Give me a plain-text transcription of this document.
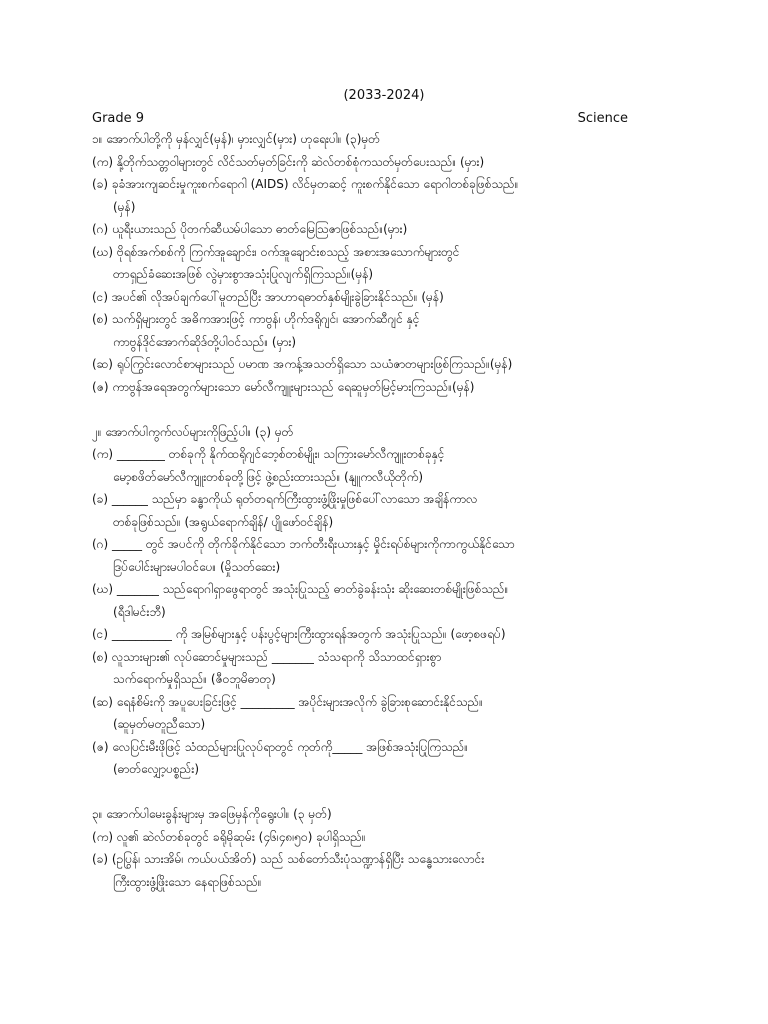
(2033-2024)
Grade 9	Science
၁။ အောက်ပါတို့ကို မှန်လျှင်(မှန်)၊ မှားလျှင်(မှား) ဟုရေးပါ။ (၃)မှတ်
(က) နို့တိုက်သတ္တဝါများတွင် လိင်သတ်မှတ်ခြင်းကို ဆဲလ်တစ်စုံကသတ်မှတ်ပေးသည်။ (မှား)
(ခ) ခုခံအားကျဆင်းမှုကူးစက်ရောဂါ (AIDS) လိင်မှတဆင့် ကူးစက်နိုင်သော ရောဂါတစ်ခုဖြစ်သည်။
(မှန်)
(ဂ) ယူရီးယားသည် ပိုတက်ဆီယမ်ပါသော ဓာတ်မြေဩဇာဖြစ်သည်။(မှား)
(ဃ) ဗိုရစ်အက်စစ်ကို ကြက်အူချောင်း၊ ဝက်အူချောင်းစသည့် အစားအသောက်များတွင်
တာရှည်ခံဆေးအဖြစ် လွဲမှားစွာအသုံးပြုလျက်ရှိကြသည်။(မှန်)
(င) အပင်၏ လိုအပ်ချက်ပေါ်မူတည်ပြီး အာဟာရဓာတ်နှစ်မျိုးခွဲခြားနိုင်သည်။ (မှန်)
(စ) သက်ရှိများတွင် အဓိကအားဖြင့် ကာဗွန်၊ ဟိုက်ဒရိုဂျင်၊ အောက်ဆီဂျင် နှင့်
ကာဗွန်ဒိုင်အောက်ဆိုဒ်တို့ပါဝင်သည်။ (မှား)
(ဆ) ရုပ်ကြွင်းလောင်စာများသည် ပမာဏ အကန့်အသတ်ရှိသော သယံဇာတများဖြစ်ကြသည်။(မှန်)
(ဇ) ကာဗွန်အရေအတွက်များသော မော်လီကျူးများသည် ရေဆူမှတ်မြင့်မားကြသည်။(မှန်)
၂။ အောက်ပါကွက်လပ်များကိုဖြည့်ပါ။ (၃) မှတ်
(က) ________ တစ်ခုကို နိုက်ထရိုဂျင်ဘေ့စ်တစ်မျိုး၊ သကြားမော်လီကျူးတစ်ခုနှင့်
မော့စဖိတ်မော်လီကျူးတစ်ခုတို့ဖြင့် ဖွဲ့စည်းထားသည်။ (နျူကလီယိုတိုက်)
(ခ) ______ သည်မှာ ခန္ဓာကိုယ် ရုတ်တရက်ကြီးထွားဖွံ့ဖြိုးမှုဖြစ်ပေါ်လာသော အချိန်ကာလ
တစ်ခုဖြစ်သည်။ (အရွယ်ရောက်ချိန်/ ပျိုဖော်ဝင်ချိန်)
(ဂ) _____ တွင် အပင်ကို တိုက်ခိုက်နိုင်သော ဘက်တီးရီးယားနှင့် မှိုင်းရပ်စ်များကိုကာကွယ်နိုင်သော
ဒြပ်ပေါင်းများမပါဝင်ပေ။ (မှိုသတ်ဆေး)
(ဃ) _______ သည်ရောဂါရှာဖွေရာတွင် အသုံးပြုသည့် ဓာတ်ခွဲခန်းသုံး ဆိုးဆေးတစ်မျိုးဖြစ်သည်။
(ရီဒါမင်းဘီ)
(င) __________ ကို အမြစ်များနှင့် ပန်းပွင့်များကြီးထွားရန်အတွက် အသုံးပြုသည်။ (ဖော့စဖရပ်)
(စ) လူသားများ၏ လုပ်ဆောင်မှုများသည် _______ သံသရာကို သိသာထင်ရှားစွာ
သက်ရောက်မှုရှိသည်။ (ဇီဝဘူမိဓာတု)
(ဆ) ရေနံစိမ်းကို အပူပေးခြင်းဖြင့် _________ အပိုင်းများအလိုက် ခွဲခြားစုဆောင်းနိုင်သည်။
(ဆူမှတ်မတူညီသော)
(ဇ) လေပြင်းမီးဖိုဖြင့် သံထည်များပြုလုပ်ရာတွင် ကုတ်ကို_____ အဖြစ်အသုံးပြုကြသည်။
(ဓာတ်လျှော့ပစ္စည်း)
၃။ အောက်ပါမေးခွန်းများမှ အဖြေမှန်ကိုရွေးပါ။ (၃ မှတ်)
(က) လူ၏ ဆဲလ်တစ်ခုတွင် ခရိုမိုဆုမ်း (၄၆၊၄၈၊၅၀) ခုပါရှိသည်။
(ခ) (ဥပြွန်၊ သားအိမ်၊ ကယ်ပယ်အိတ်) သည် သစ်တော်သီးပုံသဏ္ဍာန်ရှိပြီး သန္ဓေသားလောင်း
ကြီးထွားဖွံ့ဖြိုးသော နေရာဖြစ်သည်။
